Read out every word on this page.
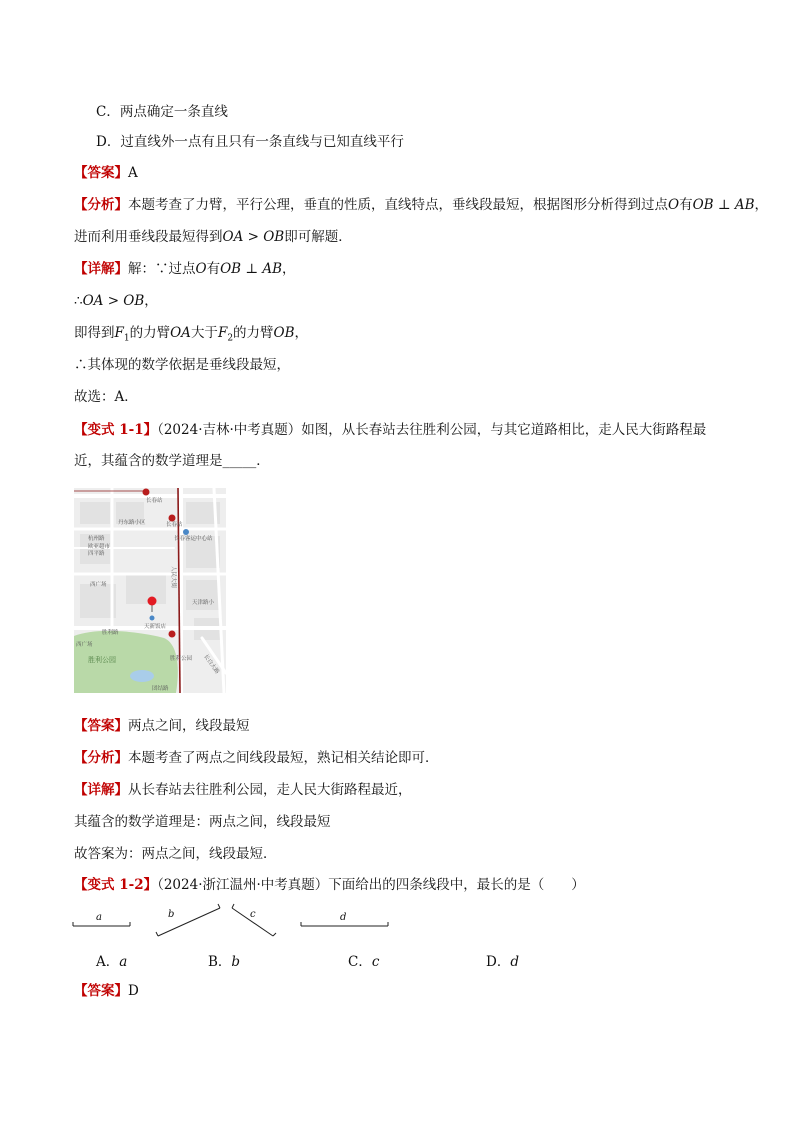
C．两点确定一条直线
D．过直线外一点有且只有一条直线与已知直线平行
【答案】A
【分析】本题考查了力臂，平行公理，垂直的性质，直线特点，垂线段最短，根据图形分析得到过点O有OB ⊥ AB，
进而利用垂线段最短得到OA > OB即可解题．
【详解】解：∵过点O有OB ⊥ AB，
∴OA > OB，
即得到$F_1$的力臂OA大于$F_2$的力臂OB，
∴其体现的数学依据是垂线段最短，
故选：A．
【变式 1-1】（2024·吉林·中考真题）如图，从长春站去往胜利公园，与其它道路相比，走人民大街路程最
近，其蕴含的数学道理是_____．
长春站
长春站
丹东路小区
杭州路
欧亚超市
四平路
长春客运中心站
人民大街
西广场
天津路小
胜利路
天新饭店
西广场
胜利公园	胜利公园 长白大路
团结路
【答案】两点之间，线段最短
【分析】本题考查了两点之间线段最短，熟记相关结论即可．
【详解】从长春站去往胜利公园，走人民大街路程最近，
其蕴含的数学道理是：两点之间，线段最短
故答案为：两点之间，线段最短．
【变式 1-2】（2024·浙江温州·中考真题）下面给出的四条线段中，最长的是（　　）
a	b	c	d
A．a	B．b	C．c	D．d
【答案】D
